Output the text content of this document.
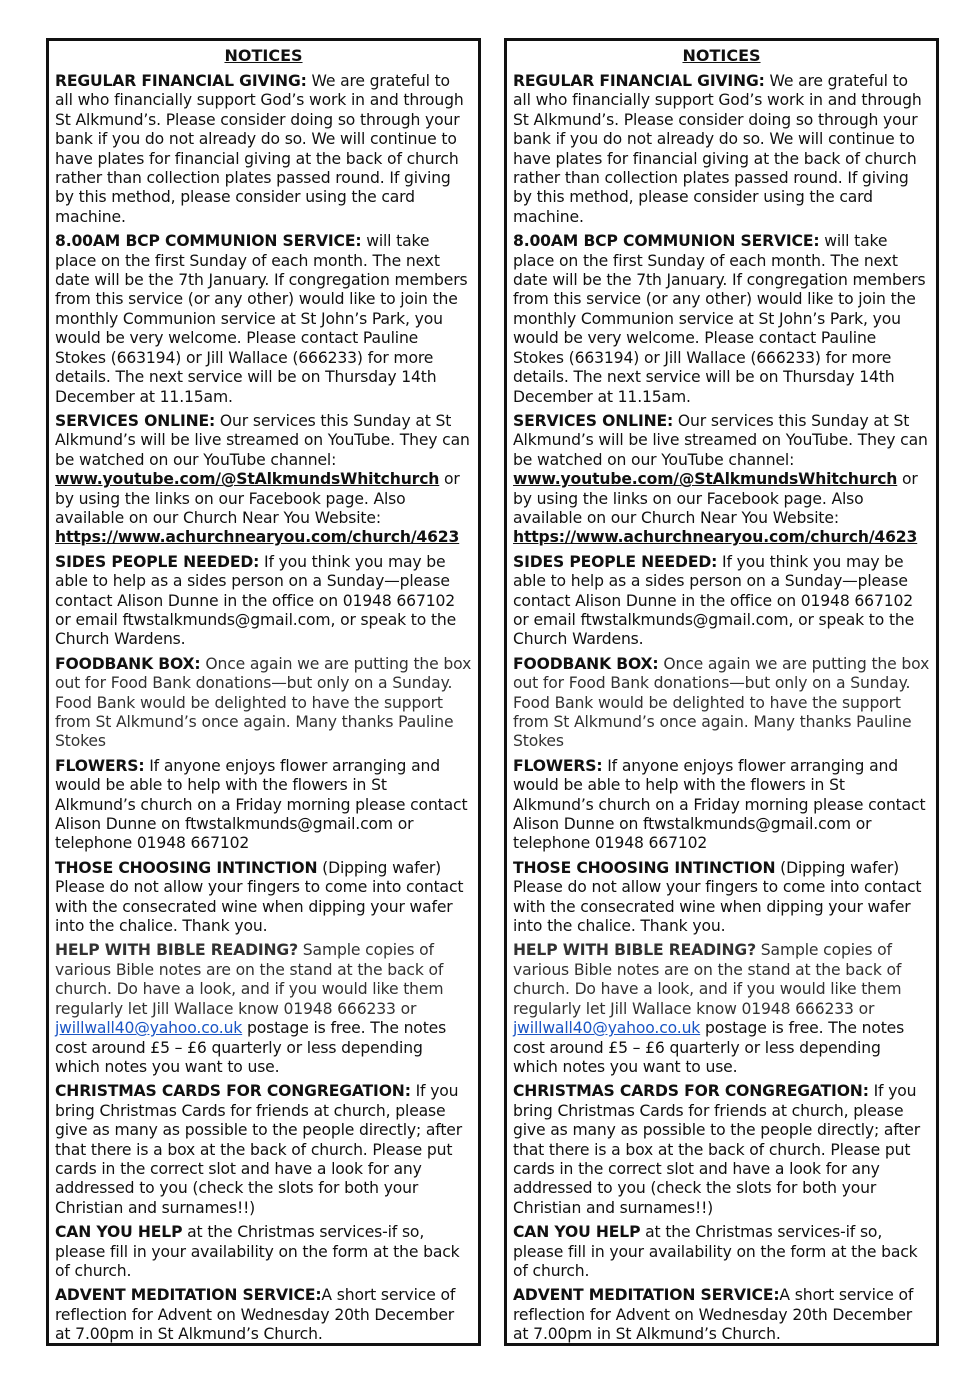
NOTICES

REGULAR FINANCIAL GIVING: We are grateful to all who financially support God’s work in and through St Alkmund’s. Please consider doing so through your bank if you do not already do so. We will continue to have plates for financial giving at the back of church rather than collection plates passed round. If giving by this method, please consider using the card machine.

8.00AM BCP COMMUNION SERVICE: will take place on the first Sunday of each month. The next date will be the 7th January. If congregation members from this service (or any other) would like to join the monthly Communion service at St John’s Park, you would be very welcome. Please contact Pauline Stokes (663194) or Jill Wallace (666233) for more details. The next service will be on Thursday 14th December at 11.15am.

SERVICES ONLINE: Our services this Sunday at St Alkmund’s will be live streamed on YouTube. They can be watched on our YouTube channel: www.youtube.com/@StAlkmundsWhitchurch or by using the links on our Facebook page. Also available on our Church Near You Website: https://www.achurchnearyou.com/church/4623

SIDES PEOPLE NEEDED: If you think you may be able to help as a sides person on a Sunday—please contact Alison Dunne in the office on 01948 667102 or email ftwstalkmunds@gmail.com, or speak to the Church Wardens.

FOODBANK BOX: Once again we are putting the box out for Food Bank donations—but only on a Sunday. Food Bank would be delighted to have the support from St Alkmund’s once again. Many thanks Pauline Stokes

FLOWERS: If anyone enjoys flower arranging and would be able to help with the flowers in St Alkmund’s church on a Friday morning please contact Alison Dunne on ftwstalkmunds@gmail.com or telephone 01948 667102

THOSE CHOOSING INTINCTION (Dipping wafer) Please do not allow your fingers to come into contact with the consecrated wine when dipping your wafer into the chalice. Thank you.

HELP WITH BIBLE READING? Sample copies of various Bible notes are on the stand at the back of church. Do have a look, and if you would like them regularly let Jill Wallace know 01948 666233 or jwillwall40@yahoo.co.uk postage is free. The notes cost around £5 – £6 quarterly or less depending which notes you want to use.

CHRISTMAS CARDS FOR CONGREGATION: If you bring Christmas Cards for friends at church, please give as many as possible to the people directly; after that there is a box at the back of church. Please put cards in the correct slot and have a look for any addressed to you (check the slots for both your Christian and surnames!!)

CAN YOU HELP at the Christmas services-if so, please fill in your availability on the form at the back of church.

ADVENT MEDITATION SERVICE:A short service of reflection for Advent on Wednesday 20th December at 7.00pm in St Alkmund’s Church.

NOTICES

REGULAR FINANCIAL GIVING: We are grateful to all who financially support God’s work in and through St Alkmund’s. Please consider doing so through your bank if you do not already do so. We will continue to have plates for financial giving at the back of church rather than collection plates passed round. If giving by this method, please consider using the card machine.

8.00AM BCP COMMUNION SERVICE: will take place on the first Sunday of each month. The next date will be the 7th January. If congregation members from this service (or any other) would like to join the monthly Communion service at St John’s Park, you would be very welcome. Please contact Pauline Stokes (663194) or Jill Wallace (666233) for more details. The next service will be on Thursday 14th December at 11.15am.

SERVICES ONLINE: Our services this Sunday at St Alkmund’s will be live streamed on YouTube. They can be watched on our YouTube channel: www.youtube.com/@StAlkmundsWhitchurch or by using the links on our Facebook page. Also available on our Church Near You Website: https://www.achurchnearyou.com/church/4623

SIDES PEOPLE NEEDED: If you think you may be able to help as a sides person on a Sunday—please contact Alison Dunne in the office on 01948 667102 or email ftwstalkmunds@gmail.com, or speak to the Church Wardens.

FOODBANK BOX: Once again we are putting the box out for Food Bank donations—but only on a Sunday. Food Bank would be delighted to have the support from St Alkmund’s once again. Many thanks Pauline Stokes

FLOWERS: If anyone enjoys flower arranging and would be able to help with the flowers in St Alkmund’s church on a Friday morning please contact Alison Dunne on ftwstalkmunds@gmail.com or telephone 01948 667102

THOSE CHOOSING INTINCTION (Dipping wafer) Please do not allow your fingers to come into contact with the consecrated wine when dipping your wafer into the chalice. Thank you.

HELP WITH BIBLE READING? Sample copies of various Bible notes are on the stand at the back of church. Do have a look, and if you would like them regularly let Jill Wallace know 01948 666233 or jwillwall40@yahoo.co.uk postage is free. The notes cost around £5 – £6 quarterly or less depending which notes you want to use.

CHRISTMAS CARDS FOR CONGREGATION: If you bring Christmas Cards for friends at church, please give as many as possible to the people directly; after that there is a box at the back of church. Please put cards in the correct slot and have a look for any addressed to you (check the slots for both your Christian and surnames!!)

CAN YOU HELP at the Christmas services-if so, please fill in your availability on the form at the back of church.

ADVENT MEDITATION SERVICE:A short service of reflection for Advent on Wednesday 20th December at 7.00pm in St Alkmund’s Church.
